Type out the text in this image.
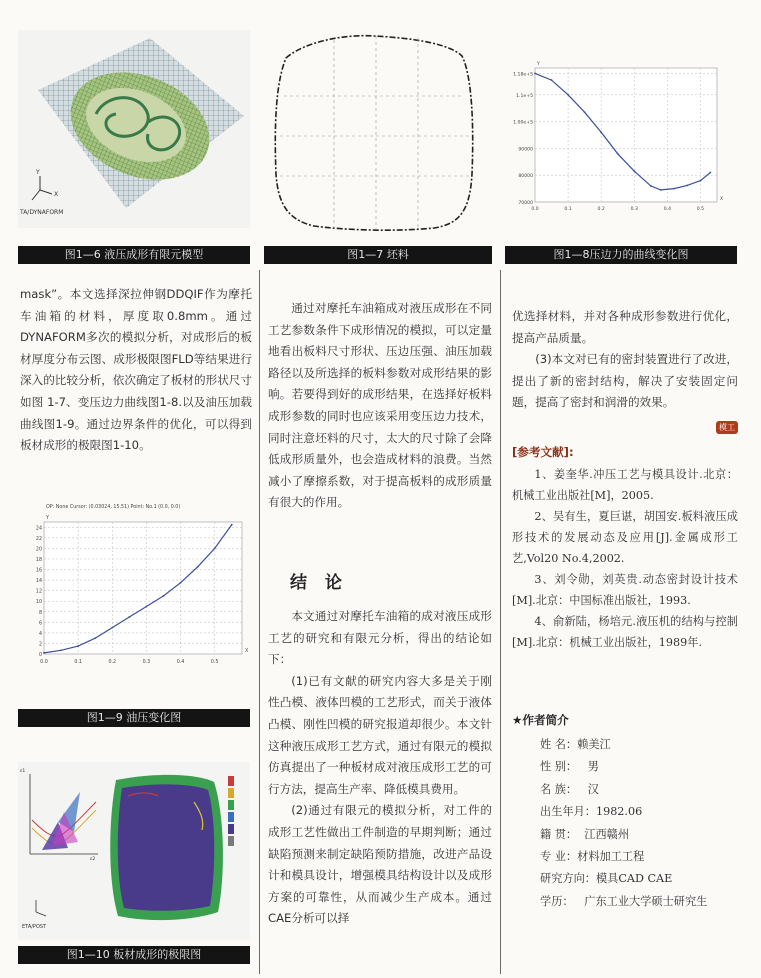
Y
X
TA/DYNAFORM
图1—6 液压成形有限元模型	图1—7 坯料
0.0	0.1	0.2	0.3	0.4	0.5
70000
80000
90000
1.00e+5
1.1e+5
1.18e+5
X
Y
图1—8压边力的曲线变化图

mask”。本文选择深拉伸钢DDQIF作为摩托车油箱的材料，厚度取0.8mm。通过DYNAFORM多次的模拟分析，对成形后的板材厚度分布云图、成形极限图FLD等结果进行深入的比较分析，依次确定了板材的形状尺寸如图 1-7、变压边力曲线图1-8.以及油压加载曲线图1-9。通过边界条件的优化，可以得到板材成形的极限图1-10。

0.0	0.1	0.2	0.3	0.4	0.5
0
2
4
6
8
10
12
14
16
18
20
22
24
X
Y
OP: None Cursor: (0.03024, 15.51) Point: No.1 (0.0, 0.0)
图1—9 油压变化图
ε1
ε2
ETA/POST
图1—10 板材成形的极限图

通过对摩托车油箱成对液压成形在不同工艺参数条件下成形情况的模拟，可以定量地看出板料尺寸形状、压边压强、油压加载路径以及所选择的板料参数对成形结果的影响。若要得到好的成形结果，在选择好板料成形参数的同时也应该采用变压边力技术，同时注意坯料的尺寸，太大的尺寸除了会降低成形质量外，也会造成材料的浪费。当然减小了摩擦系数，对于提高板料的成形质量有很大的作用。

结 论

本文通过对摩托车油箱的成对液压成形工艺的研究和有限元分析，得出的结论如下：

(1)已有文献的研究内容大多是关于刚性凸模、液体凹模的工艺形式，而关于液体凸模、刚性凹模的研究报道却很少。本文针这种液压成形工艺方式，通过有限元的模拟仿真提出了一种板材成对液压成形工艺的可行方法，提高生产率、降低模具费用。

(2)通过有限元的模拟分析，对工件的成形工艺性做出工件制造的早期判断；通过缺陷预测来制定缺陷预防措施，改进产品设计和模具设计，增强模具结构设计以及成形方案的可靠性，从而减少生产成本。通过CAE分析可以择

优选择材料，并对各种成形参数进行优化，提高产品质量。

(3)本文对已有的密封装置进行了改进，提出了新的密封结构，解决了安装固定问题，提高了密封和润滑的效果。

模工
[参考文献]:

1、姜奎华.冲压工艺与模具设计.北京：机械工业出版社[M]，2005.

2、吴有生，夏巨谌，胡国安.板料液压成形技术的发展动态及应用[J].金属成形工艺,Vol20 No.4,2002.

3、刘令勋，刘英贵.动态密封设计技术[M].北京：中国标准出版社，1993.

4、俞新陆，杨培元.液压机的结构与控制[M].北京：机械工业出版社，1989年.

★作者简介
姓 名：赖美江
性 别： 男
名 族： 汉
出生年月：1982.06
籍 贯： 江西赣州
专 业：材料加工工程
研究方向：模具CAD CAE
学历： 广东工业大学硕士研究生
